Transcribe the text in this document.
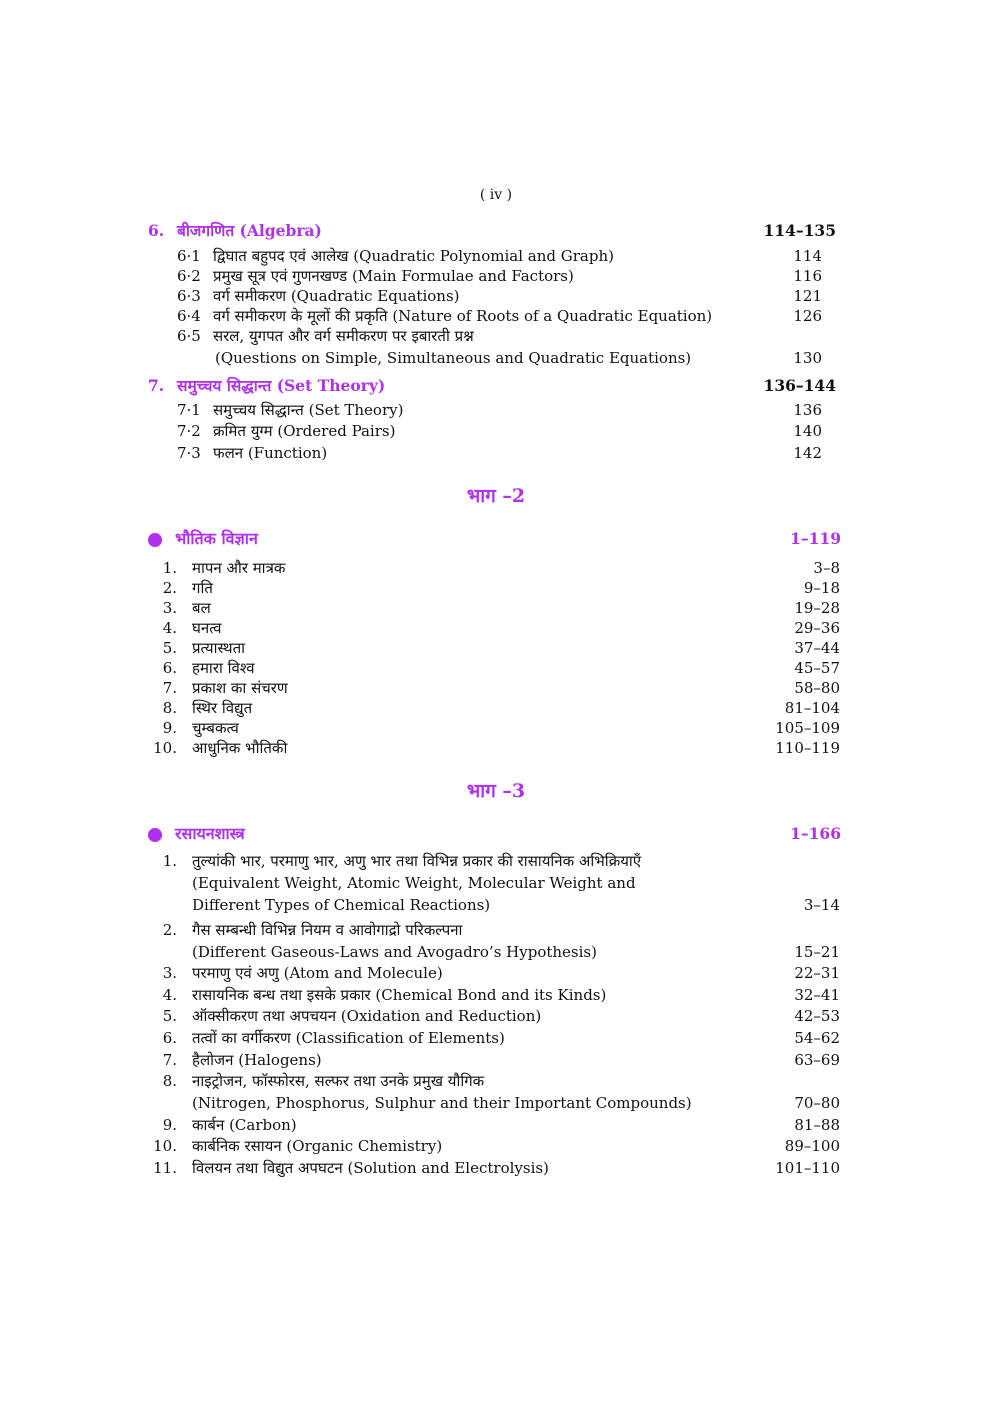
( iv )
6. बीजगणित (Algebra)	114–135
6·1 द्विघात बहुपद एवं आलेख (Quadratic Polynomial and Graph)	114
6·2 प्रमुख सूत्र एवं गुणनखण्ड (Main Formulae and Factors)	116
6·3 वर्ग समीकरण (Quadratic Equations)	121
6·4 वर्ग समीकरण के मूलों की प्रकृति (Nature of Roots of a Quadratic Equation)	126
6·5 सरल, युगपत और वर्ग समीकरण पर इबारती प्रश्न
(Questions on Simple, Simultaneous and Quadratic Equations)	130
7. समुच्चय सिद्धान्त (Set Theory)	136–144
7·1 समुच्चय सिद्धान्त (Set Theory)	136
7·2 क्रमित युग्म (Ordered Pairs)	140
7·3 फलन (Function)	142
भाग –2
भौतिक विज्ञान	1–119
1. मापन और मात्रक	3–8
2. गति	9–18
3. बल	19–28
4. घनत्व	29–36
5. प्रत्यास्थता	37–44
6. हमारा विश्व	45–57
7. प्रकाश का संचरण	58–80
8. स्थिर विद्युत	81–104
9. चुम्बकत्व	105–109
10. आधुनिक भौतिकी	110–119
भाग –3
रसायनशास्त्र	1–166
1. तुल्यांकी भार, परमाणु भार, अणु भार तथा विभिन्न प्रकार की रासायनिक अभिक्रियाएँ
(Equivalent Weight, Atomic Weight, Molecular Weight and
Different Types of Chemical Reactions)	3–14
2. गैस सम्बन्धी विभिन्न नियम व आवोगाद्रो परिकल्पना
(Different Gaseous-Laws and Avogadro’s Hypothesis)	15–21
3. परमाणु एवं अणु (Atom and Molecule)	22–31
4. रासायनिक बन्ध तथा इसके प्रकार (Chemical Bond and its Kinds)	32–41
5. ऑक्सीकरण तथा अपचयन (Oxidation and Reduction)	42–53
6. तत्वों का वर्गीकरण (Classification of Elements)	54–62
7. हैलोजन (Halogens)	63–69
8. नाइट्रोजन, फॉस्फोरस, सल्फर तथा उनके प्रमुख यौगिक
(Nitrogen, Phosphorus, Sulphur and their Important Compounds)	70–80
9. कार्बन (Carbon)	81–88
10. कार्बनिक रसायन (Organic Chemistry)	89–100
11. विलयन तथा विद्युत अपघटन (Solution and Electrolysis)	101–110
